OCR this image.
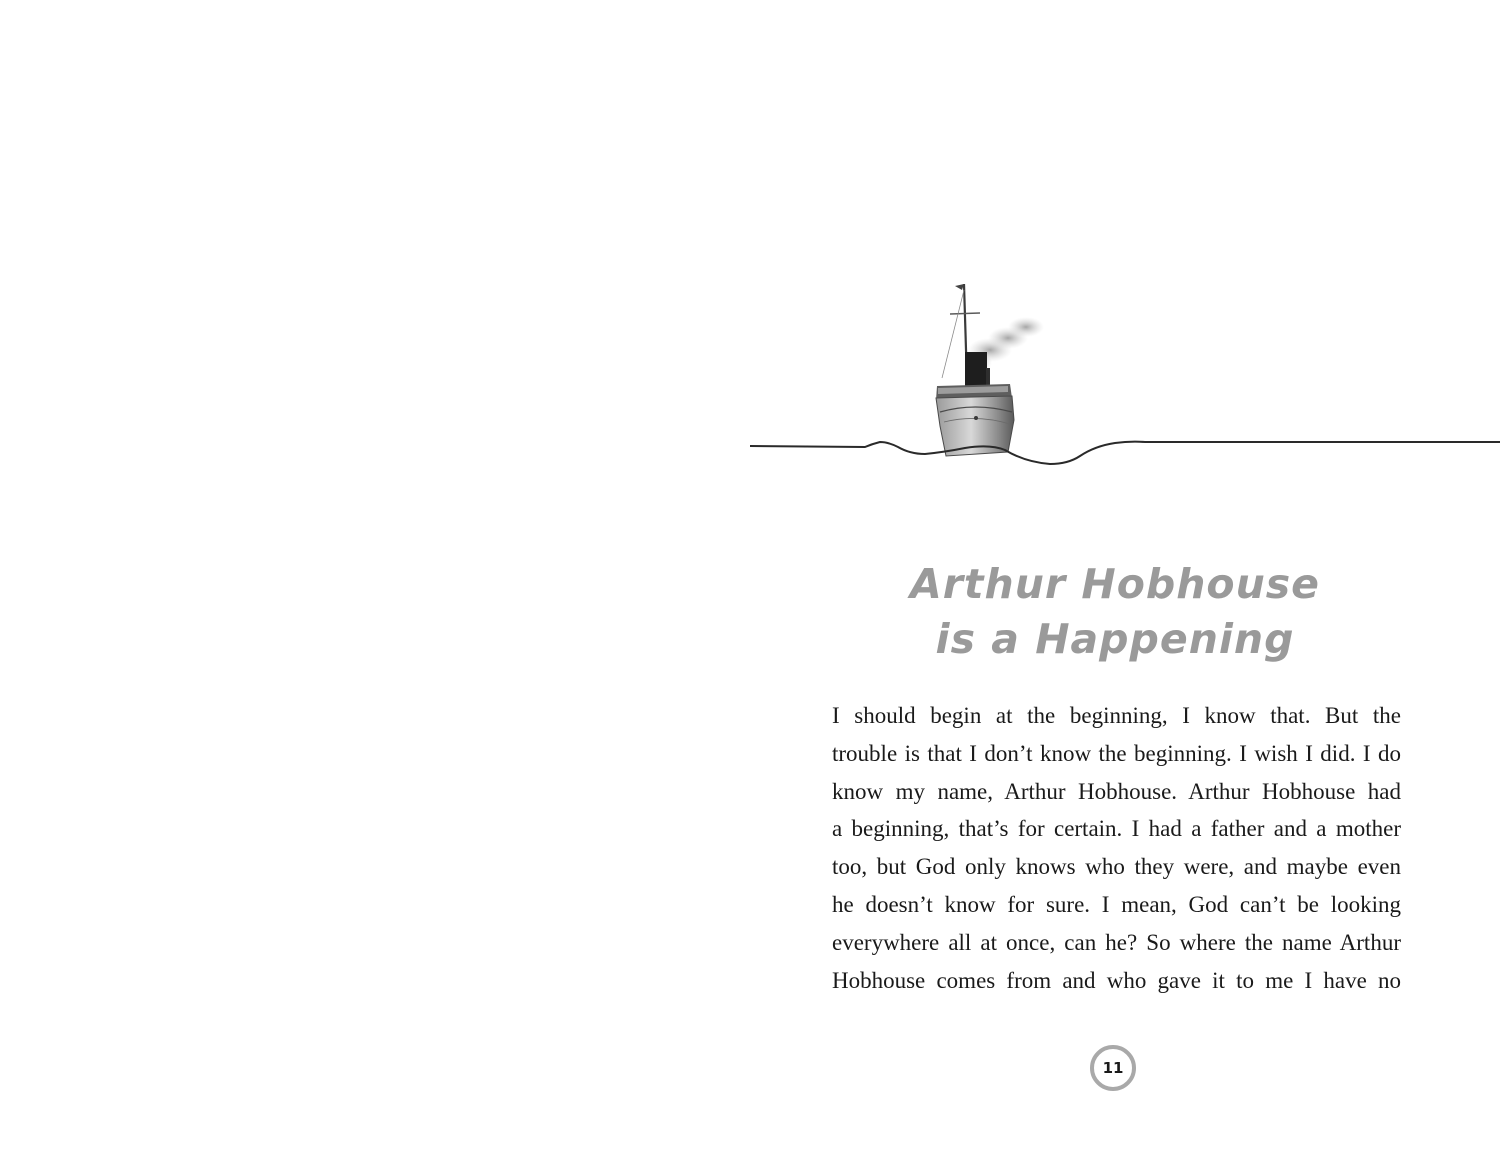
Arthur Hobhouse
is a Happening
I should begin at the beginning, I know that. But the
trouble is that I don’t know the beginning. I wish I did. I do
know my name, Arthur Hobhouse. Arthur Hobhouse had
a beginning, that’s for certain. I had a father and a mother
too, but God only knows who they were, and maybe even
he doesn’t know for sure. I mean, God can’t be looking
everywhere all at once, can he? So where the name Arthur
Hobhouse comes from and who gave it to me I have no
11
